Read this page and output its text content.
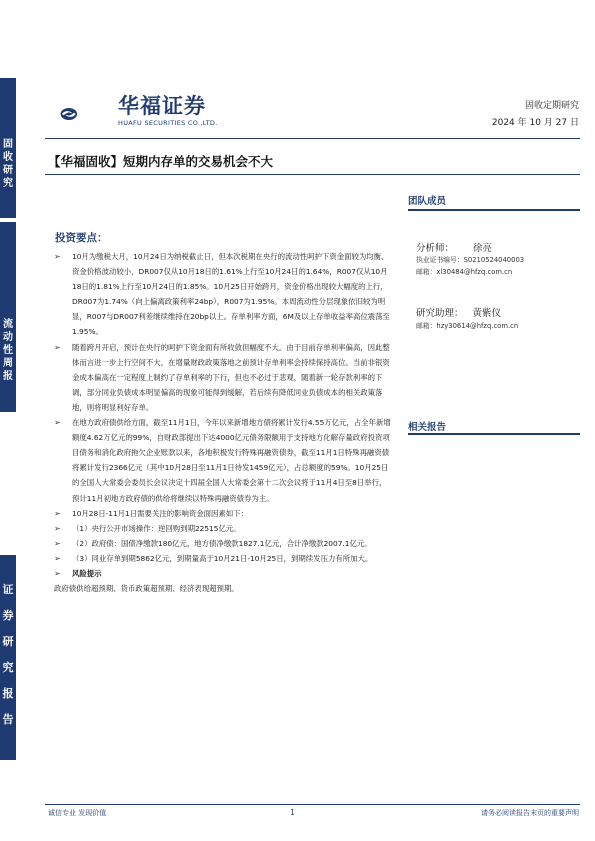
固
收
研
究
流
动
性
周
报
证
券
研
究
报
告
华福证券
HUAFU SECURITIES CO.,LTD.
固收定期研究
2024 年 10 月 27 日
【华福固收】短期内存单的交易机会不大
团队成员
分析师： 徐亮
执业证书编号：S0210524040003
邮箱：xl30484@hfzq.com.cn
研究助理： 黄紫仪
邮箱：hzy30614@hfzq.com.cn
相关报告
投资要点：
➢ 10月为缴税大月，10月24日为纳税截止日，但本次税期在央行的流动性呵护下资金面较为均衡、资金价格波动较小，DR007仅从10月18日的1.61%上行至10月24日的1.64%，R007仅从10月18日的1.81%上行至10月24日的1.85%。10月25日开始跨月，资金价格出现较大幅度的上行，DR007为1.74%（向上偏离政策利率24bp），R007为1.95%。本周流动性分层现象依旧较为明显，R007与DR007利差继续维持在20bp以上。存单利率方面，6M及以上存单收益率高位震荡至1.95%。
➢ 随着跨月开启，预计在央行的呵护下资金面有所收敛但幅度不大。由于目前存单利率偏高，因此整体而言进一步上行空间不大，在增量财政政策落地之前预计存单利率会持续保持高位。当前非银资金成本偏高在一定程度上制约了存单利率的下行，但也不必过于悲观，随着新一轮存款利率的下调，部分同业负债成本明显偏高的现象可能得到缓解，若后续有降低同业负债成本的相关政策落地，则将明显利好存单。
➢ 在地方政府债供给方面，截至11月1日，今年以来新增地方债将累计发行4.55万亿元，占全年新增额度4.62万亿元的99%，自财政部提出下达4000亿元债务限额用于支持地方化解存量政府投资项目债务和消化政府拖欠企业账款以来，各地积极发行特殊再融资债券，截至11月1日特殊再融资债将累计发行2366亿元（其中10月28日至11月1日待发1459亿元），占总额度的59%。10月25日的全国人大常委会委员长会议决定十四届全国人大常委会第十二次会议将于11月4日至8日举行，预计11月初地方政府债的供给将继续以特殊再融资债券为主。
➢ 10月28日-11月1日需要关注的影响资金面因素如下：
➢ （1）央行公开市场操作：逆回购到期22515亿元。
➢ （2）政府债：国债净缴款180亿元，地方债净缴款1827.1亿元，合计净缴款2007.1亿元。
➢ （3）同业存单到期5862亿元，到期量高于10月21日-10月25日，到期续发压力有所加大。
➢ 风险提示
政府债供给超预期、货币政策超预期、经济表现超预期。
诚信专业 发现价值	1	请务必阅读报告末页的重要声明
